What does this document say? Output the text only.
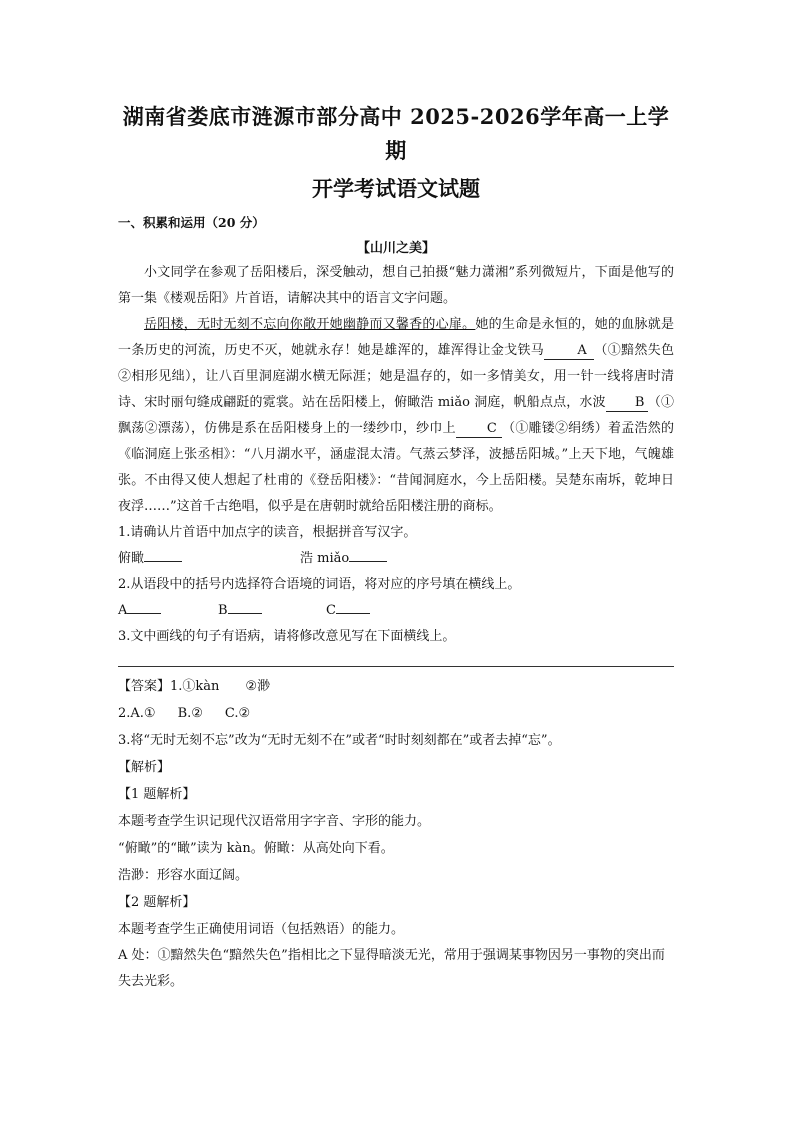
湖南省娄底市涟源市部分高中 2025-2026学年高一上学期
开学考试语文试题
一、积累和运用（20 分）
【山川之美】

小文同学在参观了岳阳楼后，深受触动，想自己拍摄“魅力潇湘”系列微短片，下面是他写的第一集《楼观岳阳》片首语，请解决其中的语言文字问题。

岳阳楼，无时无刻不忘向你敞开她幽静而又馨香的心扉。她的生命是永恒的，她的血脉就是一条历史的河流，历史不灭，她就永存！她是雄浑的，雄浑得让金戈铁马	A （①黯然失色②相形见绌），让八百里洞庭湖水横无际涯；她是温存的，如一多情美女，用一针一线将唐时清诗、宋时丽句缝成翩跹的霓裳。站在岳阳楼上，俯瞰浩 miǎo 洞庭，帆船点点，水波 B （①飘荡②漂荡），仿佛是系在岳阳楼身上的一缕纱巾，纱巾上 C （①雕镂②绢绣）着孟浩然的《临洞庭上张丞相》：“八月湖水平，涵虚混太清。气蒸云梦泽，波撼岳阳城。”上天下地，气魄雄张。不由得又使人想起了杜甫的《登岳阳楼》：“昔闻洞庭水，今上岳阳楼。吴楚东南坼，乾坤日夜浮……”这首千古绝唱，似乎是在唐朝时就给岳阳楼注册的商标。

1.请确认片首语中加点字的读音，根据拼音写汉字。

俯瞰	浩 miǎo

2.从语段中的括号内选择符合语境的词语，将对应的序号填在横线上。

A	B	C

3.文中画线的句子有语病，请将修改意见写在下面横线上。

【答案】1.①kàn ②渺
2.A.① B.② C.②
3.将“无时无刻不忘”改为“无时无刻不在”或者“时时刻刻都在”或者去掉“忘”。
【解析】
【1 题解析】
本题考查学生识记现代汉语常用字字音、字形的能力。
“俯瞰”的“瞰”读为 kàn。俯瞰：从高处向下看。
浩渺：形容水面辽阔。
【2 题解析】
本题考查学生正确使用词语（包括熟语）的能力。
A 处：①黯然失色“黯然失色”指相比之下显得暗淡无光，常用于强调某事物因另一事物的突出而失去光彩。
